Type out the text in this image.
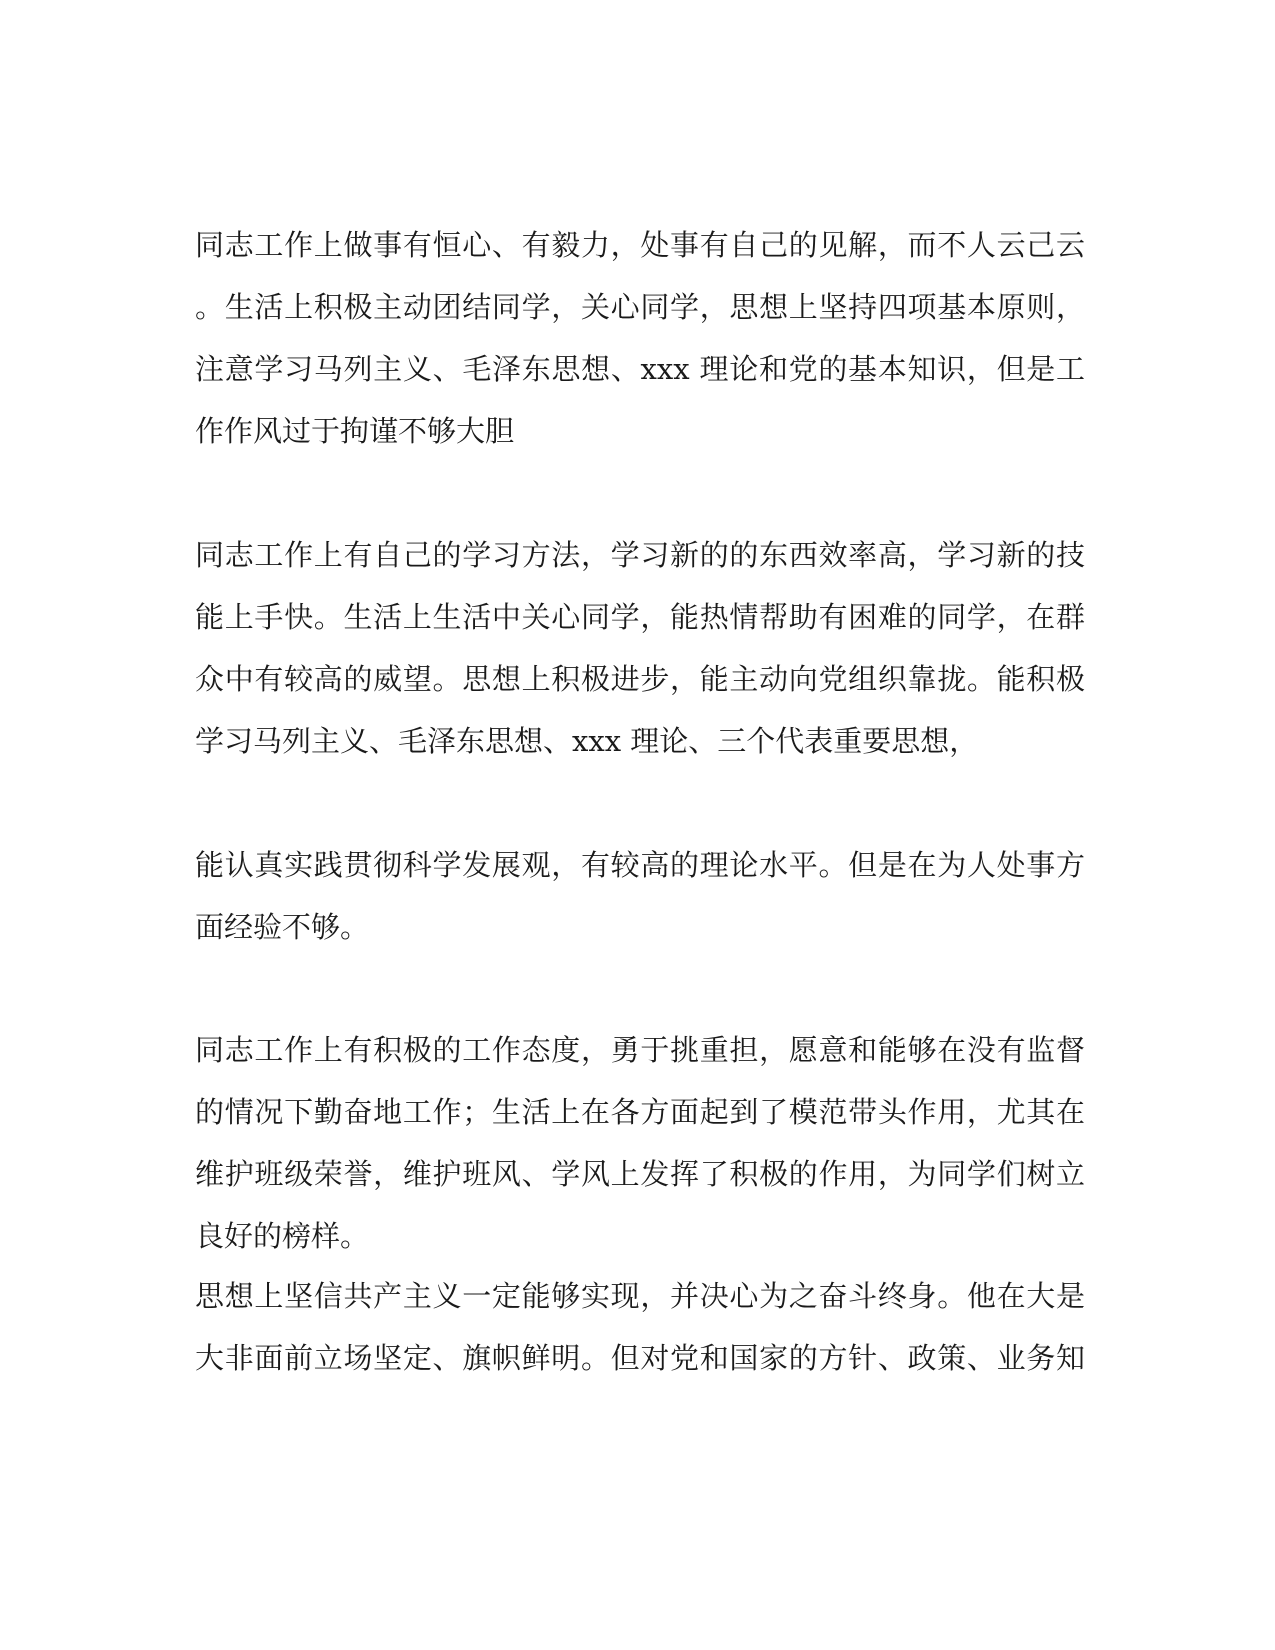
同志工作上做事有恒心、有毅力，处事有自己的见解，而不人云己云
。生活上积极主动团结同学，关心同学，思想上坚持四项基本原则，
注意学习马列主义、毛泽东思想、xxx 理论和党的基本知识，但是工
作作风过于拘谨不够大胆
同志工作上有自己的学习方法，学习新的的东西效率高，学习新的技
能上手快。生活上生活中关心同学，能热情帮助有困难的同学，在群
众中有较高的威望。思想上积极进步，能主动向党组织靠拢。能积极
学习马列主义、毛泽东思想、xxx 理论、三个代表重要思想，
能认真实践贯彻科学发展观，有较高的理论水平。但是在为人处事方
面经验不够。
同志工作上有积极的工作态度，勇于挑重担，愿意和能够在没有监督
的情况下勤奋地工作；生活上在各方面起到了模范带头作用，尤其在
维护班级荣誉，维护班风、学风上发挥了积极的作用，为同学们树立
良好的榜样。
思想上坚信共产主义一定能够实现，并决心为之奋斗终身。他在大是
大非面前立场坚定、旗帜鲜明。但对党和国家的方针、政策、业务知
